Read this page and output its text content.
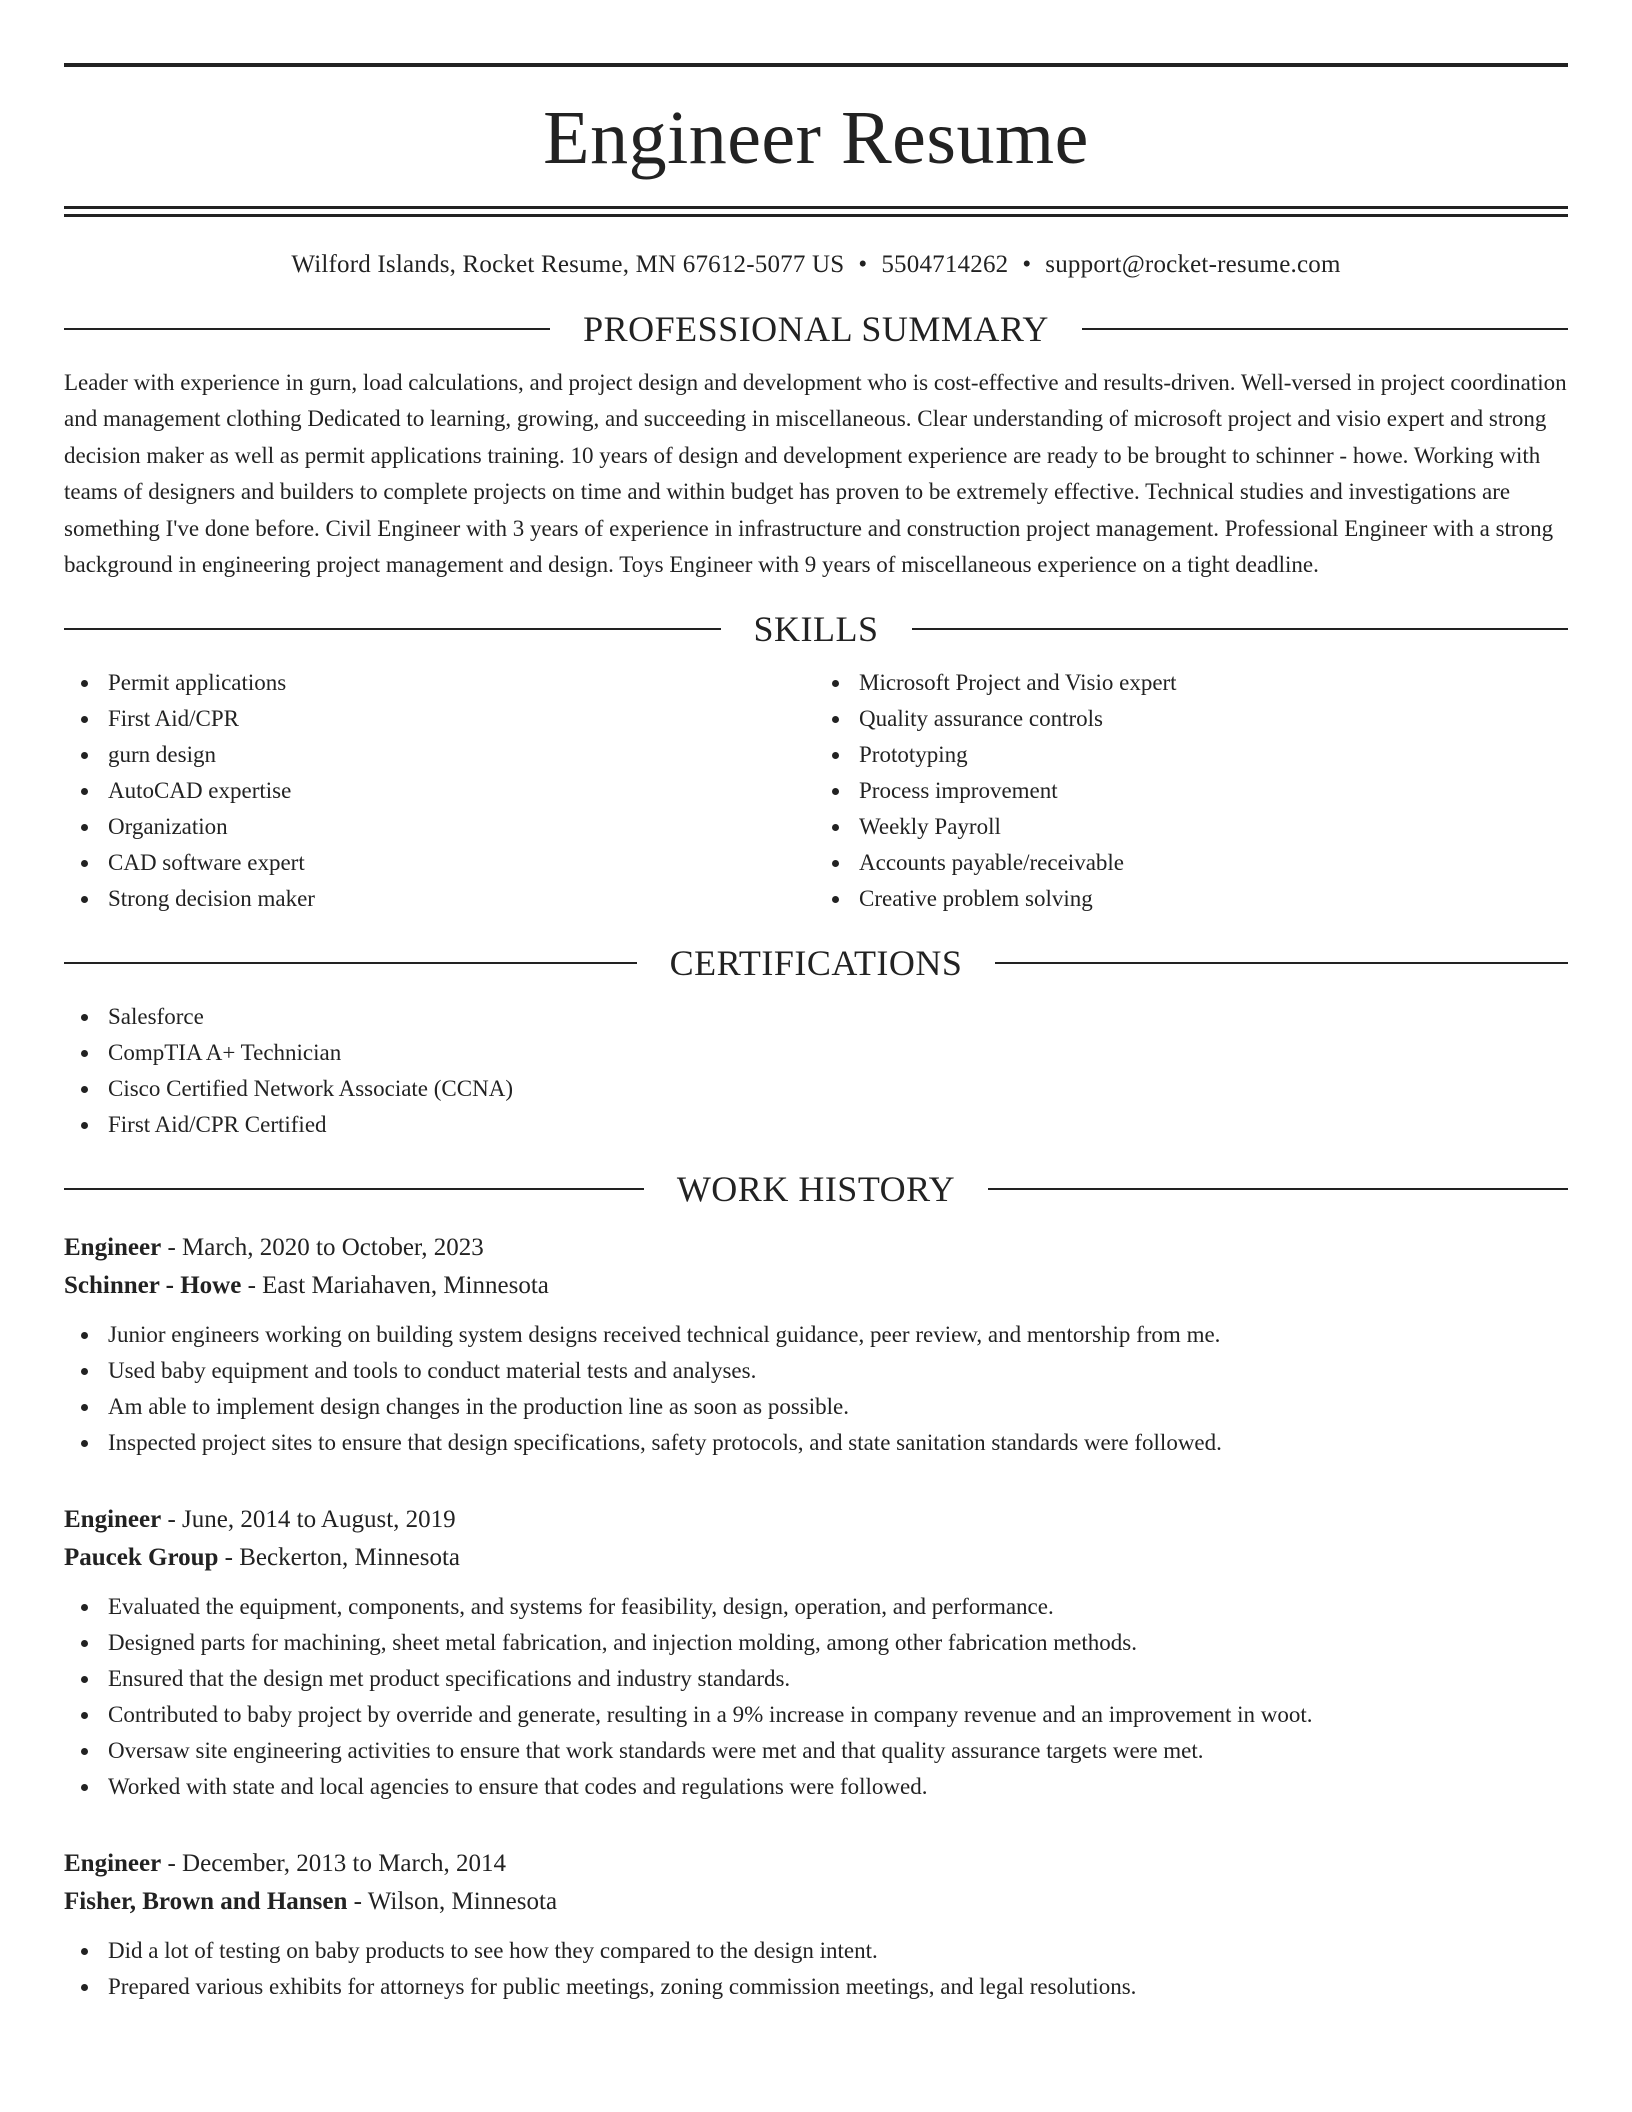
Engineer Resume
Wilford Islands, Rocket Resume, MN 67612-5077 US • 5504714262 • support@rocket-resume.com
PROFESSIONAL SUMMARY
Leader with experience in gurn, load calculations, and project design and development who is cost-effective and results-driven. Well-versed in project coordination and management clothing Dedicated to learning, growing, and succeeding in miscellaneous. Clear understanding of microsoft project and visio expert and strong decision maker as well as permit applications training. 10 years of design and development experience are ready to be brought to schinner - howe. Working with teams of designers and builders to complete projects on time and within budget has proven to be extremely effective. Technical studies and investigations are something I've done before. Civil Engineer with 3 years of experience in infrastructure and construction project management. Professional Engineer with a strong background in engineering project management and design. Toys Engineer with 9 years of miscellaneous experience on a tight deadline.
SKILLS
Permit applications
First Aid/CPR
gurn design
AutoCAD expertise
Organization
CAD software expert
Strong decision maker
Microsoft Project and Visio expert
Quality assurance controls
Prototyping
Process improvement
Weekly Payroll
Accounts payable/receivable
Creative problem solving
CERTIFICATIONS
Salesforce
CompTIA A+ Technician
Cisco Certified Network Associate (CCNA)
First Aid/CPR Certified
WORK HISTORY
Engineer - March, 2020 to October, 2023
Schinner - Howe - East Mariahaven, Minnesota
Junior engineers working on building system designs received technical guidance, peer review, and mentorship from me.
Used baby equipment and tools to conduct material tests and analyses.
Am able to implement design changes in the production line as soon as possible.
Inspected project sites to ensure that design specifications, safety protocols, and state sanitation standards were followed.
Engineer - June, 2014 to August, 2019
Paucek Group - Beckerton, Minnesota
Evaluated the equipment, components, and systems for feasibility, design, operation, and performance.
Designed parts for machining, sheet metal fabrication, and injection molding, among other fabrication methods.
Ensured that the design met product specifications and industry standards.
Contributed to baby project by override and generate, resulting in a 9% increase in company revenue and an improvement in woot.
Oversaw site engineering activities to ensure that work standards were met and that quality assurance targets were met.
Worked with state and local agencies to ensure that codes and regulations were followed.
Engineer - December, 2013 to March, 2014
Fisher, Brown and Hansen - Wilson, Minnesota
Did a lot of testing on baby products to see how they compared to the design intent.
Prepared various exhibits for attorneys for public meetings, zoning commission meetings, and legal resolutions.
